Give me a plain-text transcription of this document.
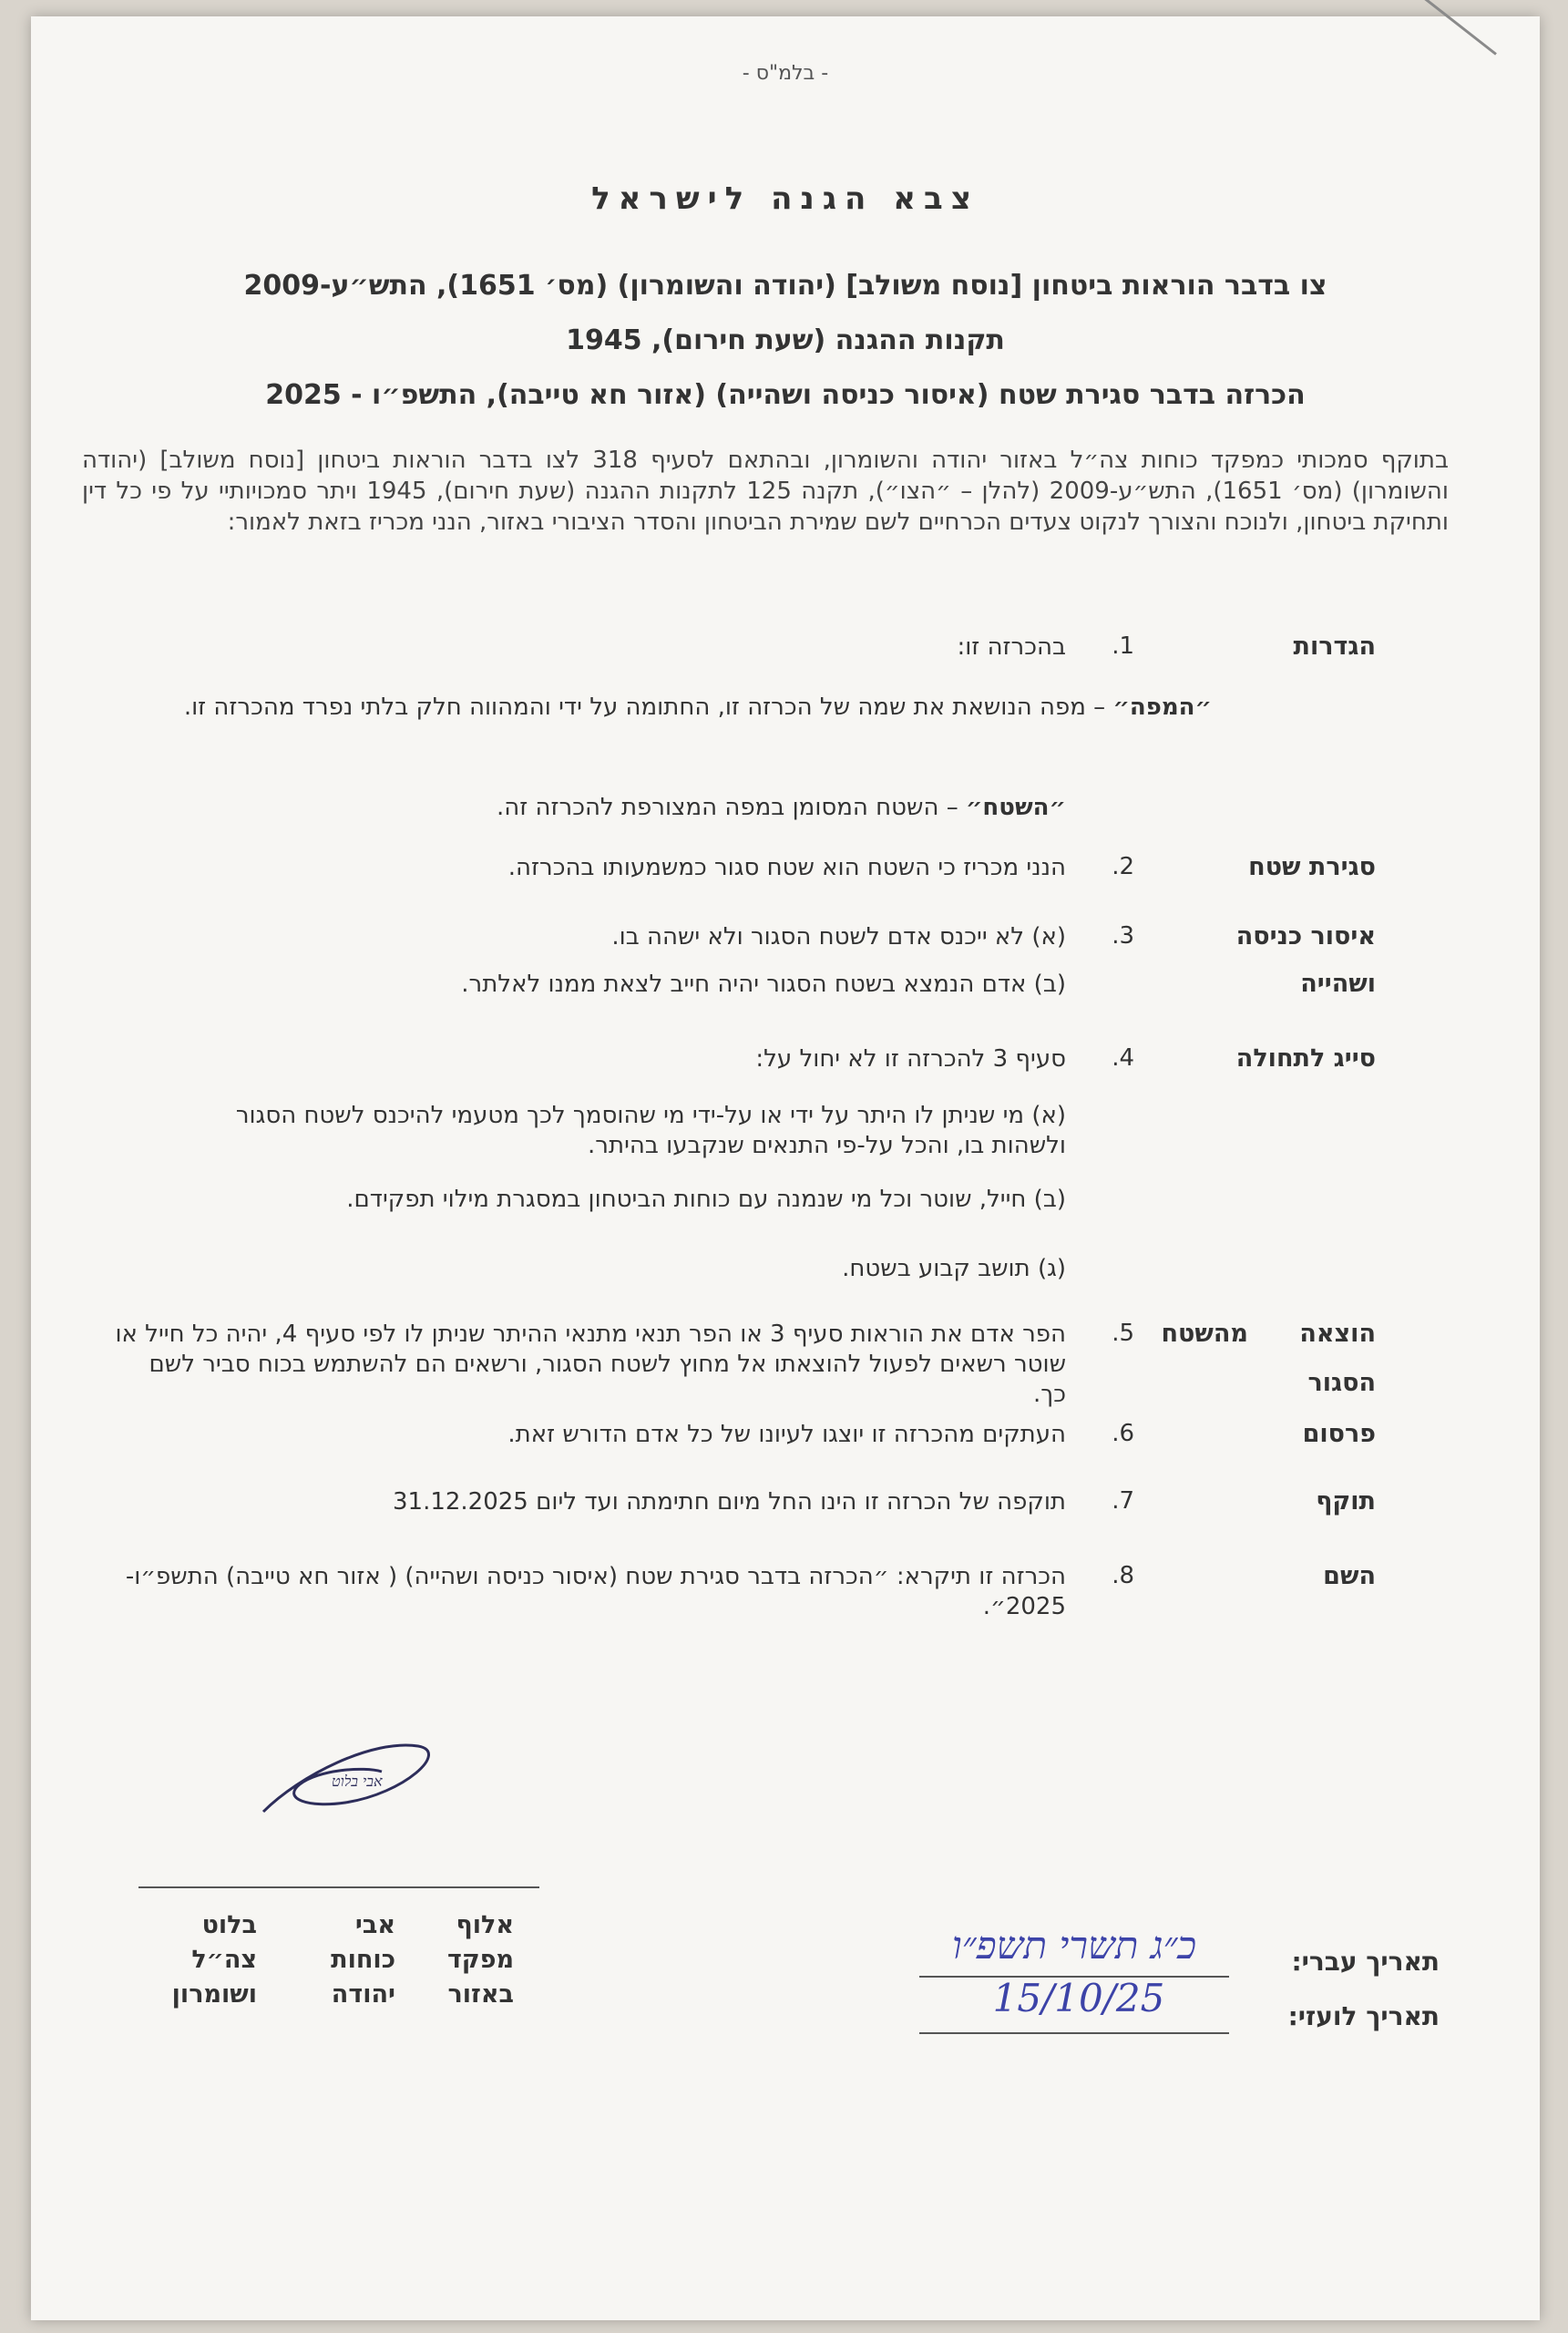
- בלמ"ס -
צבא הגנה לישראל
צו בדבר הוראות ביטחון [נוסח משולב] (יהודה והשומרון) (מס׳ 1651), התש״ע-2009
תקנות ההגנה (שעת חירום), 1945
הכרזה בדבר סגירת שטח (איסור כניסה ושהייה) (אזור חא טייבה), התשפ״ו - 2025
בתוקף סמכותי כמפקד כוחות צה״ל באזור יהודה והשומרון, ובהתאם לסעיף 318 לצו בדבר הוראות ביטחון [נוסח משולב] (יהודה והשומרון) (מס׳ 1651), התש״ע-2009 (להלן – ״הצו״), תקנה 125 לתקנות ההגנה (שעת חירום), 1945 ויתר סמכויותיי על פי כל דין ותחיקת ביטחון, ולנוכח והצורך לנקוט צעדים הכרחיים לשם שמירת הביטחון והסדר הציבורי באזור, הנני מכריז בזאת לאמור:
הגדרות
.1
בהכרזה זו:
״המפה״ – מפה הנושאת את שמה של הכרזה זו, החתומה על ידי והמהווה חלק בלתי נפרד מהכרזה זו.
״השטח״ – השטח המסומן במפה המצורפת להכרזה זה.
סגירת שטח
.2
הנני מכריז כי השטח הוא שטח סגור כמשמעותו בהכרזה.
איסור כניסה
ושהייה
.3
(א) לא ייכנס אדם לשטח הסגור ולא ישהה בו.
(ב) אדם הנמצא בשטח הסגור יהיה חייב לצאת ממנו לאלתר.
סייג לתחולה
.4
סעיף 3 להכרזה זו לא יחול על:
(א) מי שניתן לו היתר על ידי או על-ידי מי שהוסמך לכך מטעמי להיכנס לשטח הסגור ולשהות בו, והכל על-פי התנאים שנקבעו בהיתר.
(ב) חייל, שוטר וכל מי שנמנה עם כוחות הביטחון במסגרת מילוי תפקידם.
(ג) תושב קבוע בשטח.
הוצאה      מהשטח
הסגור
.5
הפר אדם את הוראות סעיף 3 או הפר תנאי מתנאי ההיתר שניתן לו לפי סעיף 4, יהיה כל חייל או שוטר רשאים לפעול להוצאתו אל מחוץ לשטח הסגור, ורשאים הם להשתמש בכוח סביר לשם כך.
פרסום
.6
העתקים מהכרזה זו יוצגו לעיונו של כל אדם הדורש זאת.
תוקף
.7
תוקפה של הכרזה זו הינו החל מיום חתימתה ועד ליום 31.12.2025
השם
.8
הכרזה זו תיקרא: ״הכרזה בדבר סגירת שטח (איסור כניסה ושהייה) ( אזור חא טייבה) התשפ״ו- 2025״.
אבי בלוט
אלוף
מפקד
באזור
אבי
כוחות
יהודה
בלוט
צה״ל
ושומרון
תאריך עברי:
כ״ג תשרי תשפ״ו
תאריך לועזי:
15/10/25
